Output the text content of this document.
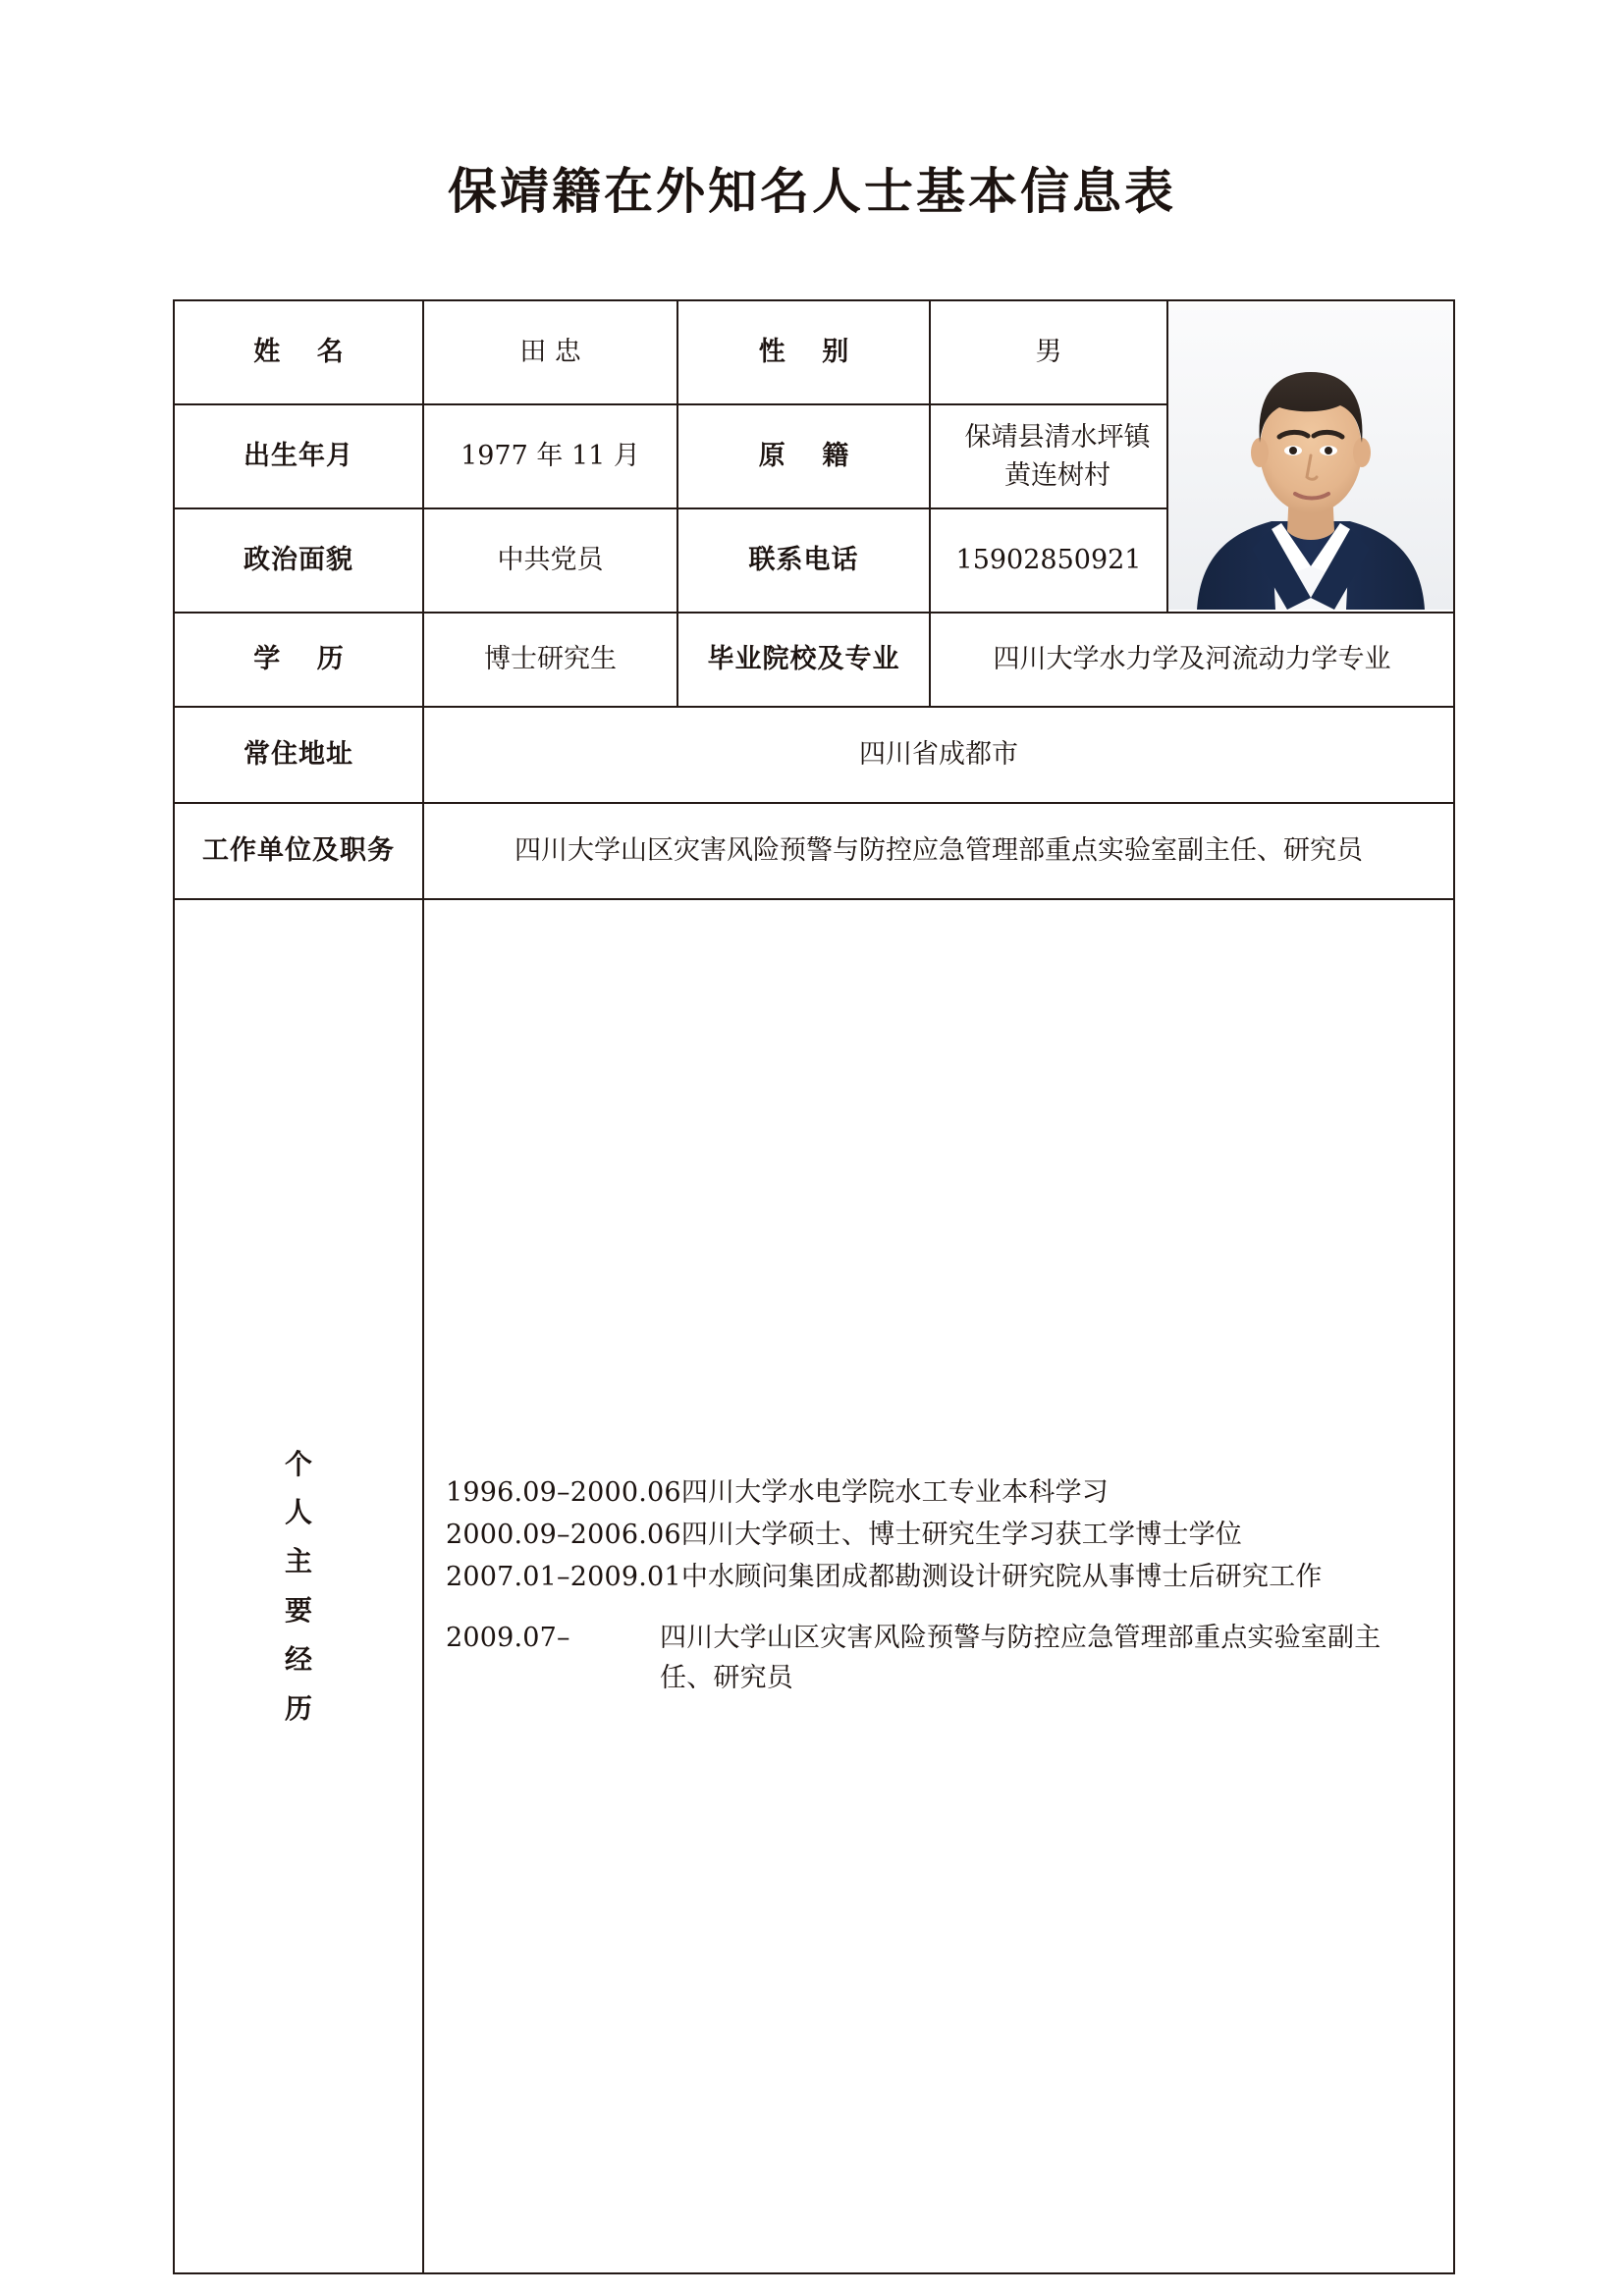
保靖籍在外知名人士基本信息表
姓 名	田 忠	性 别	男	

出生年月	1977 年 11 月	原 籍	保靖县清水坪镇
黄连树村	

政治面貌	中共党员	联系电话	15902850921	
学 历	博士研究生	毕业院校及专业	四川大学水力学及河流动力学专业	
常住地址	四川省成都市			
工作单位及职务	四川大学山区灾害风险预警与防控应急管理部重点实验室副主任、研究员			

个
人
主
要
经
历

1996.09–2000.06 四川大学水电学院水工专业本科学习
2000.09–2006.06 四川大学硕士、博士研究生学习获工学博士学位
2007.01–2009.01 中水顾问集团成都勘测设计研究院从事博士后研究工作
2009.07–	四川大学山区灾害风险预警与防控应急管理部重点实验室副主任、研究员
